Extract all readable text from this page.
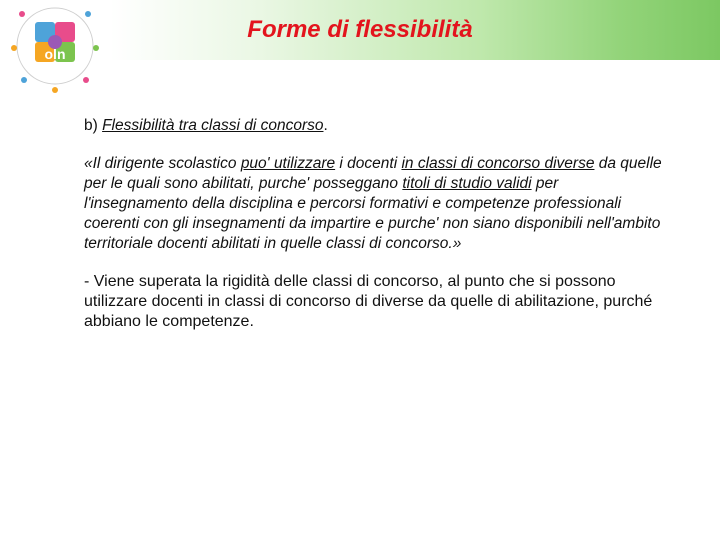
oln
Forme di flessibilità

b) Flessibilità tra classi di concorso.

«Il dirigente scolastico puo' utilizzare i docenti in classi di concorso diverse da quelle per le quali sono abilitati, purche' posseggano titoli di studio validi per l'insegnamento della disciplina e percorsi formativi e competenze professionali coerenti con gli insegnamenti da impartire e purche' non siano disponibili nell'ambito territoriale docenti abilitati in quelle classi di concorso.»

- Viene superata la rigidità delle classi di concorso, al punto che si possono utilizzare docenti in classi di concorso di diverse da quelle di abilitazione, purché abbiano le competenze.
